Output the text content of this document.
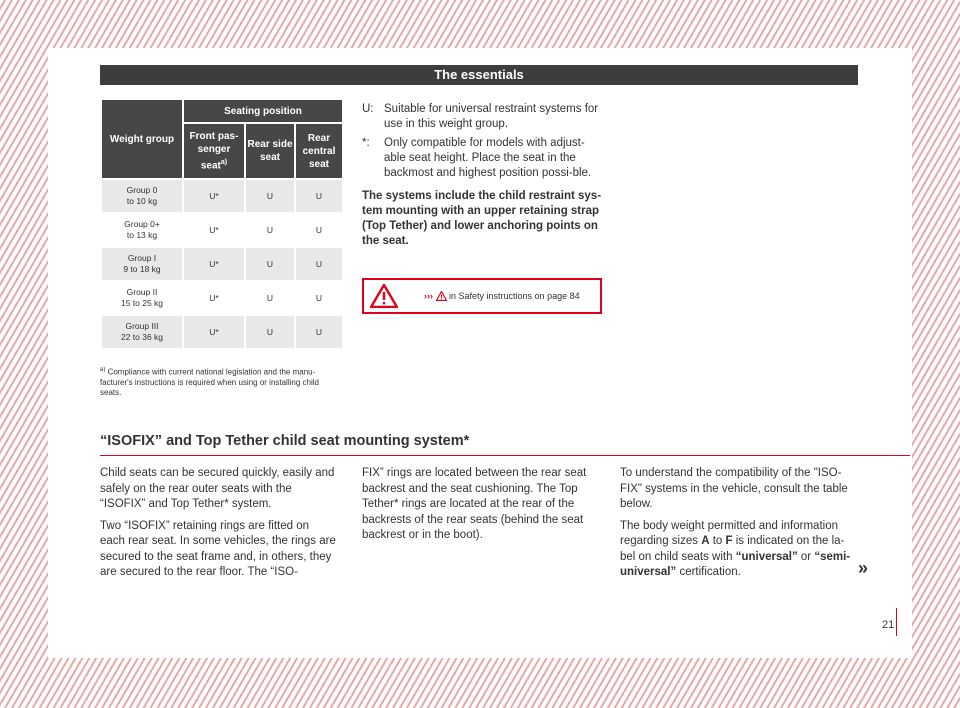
The essentials
Weight group	Seating position		
	Front pas-senger seat$^{a)}$	Rear side seat	Rear central seat
Group 0
to 10 kg	U*	U	U
Group 0+
to 13 kg	U*	U	U
Group I
9 to 18 kg	U*	U	U
Group II
15 to 25 kg	U*	U	U
Group III
22 to 36 kg	U*	U	U
$^{a)}$ Compliance with current national legislation and the manu-facturer's instructions is required when using or installing child seats.
U: Suitable for universal restraint systems for use in this weight group.
*:	Only compatible for models with adjust-able seat height. Place the seat in the backmost and highest position possi-ble.
The systems include the child restraint sys-tem mounting with an upper retaining strap (Top Tether) and lower anchoring points on the seat.
›››  in Safety instructions on page 84
“ISOFIX” and Top Tether child seat mounting system*

Child seats can be secured quickly, easily and safely on the rear outer seats with the “ISOFIX” and Top Tether* system.

Two “ISOFIX” retaining rings are fitted on each rear seat. In some vehicles, the rings are secured to the seat frame and, in others, they are secured to the rear floor. The “ISO-

FIX” rings are located between the rear seat backrest and the seat cushioning. The Top Tether* rings are located at the rear of the backrests of the rear seats (behind the seat backrest or in the boot).

To understand the compatibility of the "ISO-FIX" systems in the vehicle, consult the table below.

The body weight permitted and information regarding sizes A to F is indicated on the la-bel on child seats with “universal” or “semi-universal” certification.	»
21
